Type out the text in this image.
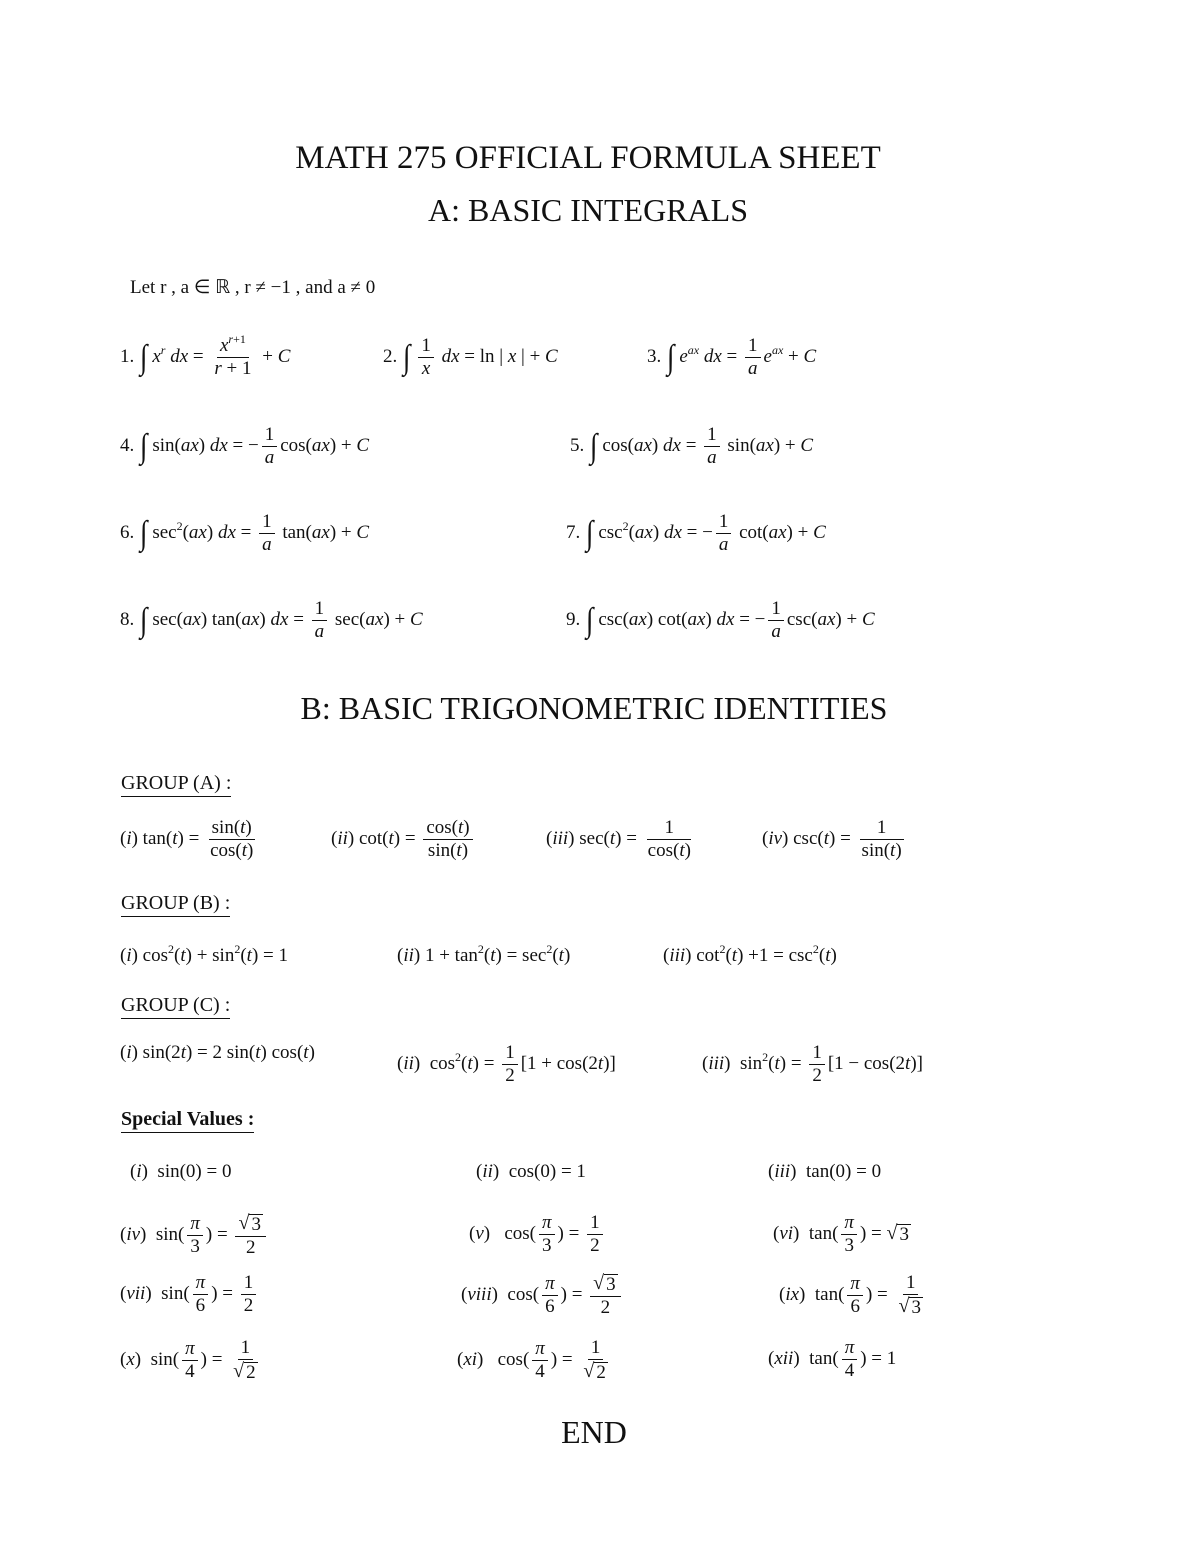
MATH 275 OFFICIAL FORMULA SHEET
A: BASIC INTEGRALS
Let r , a ∈ ℝ , r ≠ −1 , and a ≠ 0
1. ∫ $x^r$ dx = $\frac{x^{r+1}}{r + 1} + C$	2. ∫ $\frac{1}{x}$ dx = ln | x | + C	3. ∫ $e^{ax}$ dx = $\frac{1}{a} e^{ax} + C$
4. ∫ sin(ax) dx = − $\frac{1}{a} \cos(ax) + C$	5. ∫ cos(ax) dx = $\frac{1}{a} \sin(ax) + C$
6. ∫ $\sec^2(ax)$ dx = $\frac{1}{a} \tan(ax) + C$	7. ∫ $\csc^2(ax)$ dx = − $\frac{1}{a} \cot(ax) + C$
8. ∫ sec(ax) tan(ax) dx = $\frac{1}{a} \sec(ax) + C$	9. ∫ csc(ax) cot(ax) dx = − $\frac{1}{a} \csc(ax) + C$
B: BASIC TRIGONOMETRIC IDENTITIES
GROUP (A) :
(i) $\tan(t) = \frac{\sin(t)}{\cos(t)}$	(ii) $\cot(t) = \frac{\cos(t)}{\sin(t)}$	(iii) $\sec(t) = \frac{1}{\cos(t)}$	(iv) $\csc(t) = \frac{1}{\sin(t)}$
GROUP (B) :
(i) $\cos^2(t) + \sin^2(t) = 1$	(ii) $1 + \tan^2(t) = \sec^2(t)$	(iii) $\cot^2(t) +1 = \csc^2(t)$
GROUP (C) :
(i) sin(2t) = 2 sin(t) cos(t)
(ii)  $\cos^2(t) = \frac{1}{2} [1 + \cos(2t)]$	(iii)  $\sin^2(t) = \frac{1}{2} [1 - \cos(2t)]$
Special Values :
(i)  sin(0) = 0	(ii)  cos(0) = 1	(iii)  tan(0) = 0
(iv)  $\sin( \frac{\pi}{3}$ ) = $\frac{√ 3}{2}$	(v)   $\cos( \frac{\pi}{3}$ ) = $\frac{1}{2}$	(vi)  $\tan( \frac{\pi}{3}$ ) = √ 3
(vii)  $\sin( \frac{\pi}{6}$ ) = $\frac{1}{2}$	(viii)  $\cos( \frac{\pi}{6}$ ) = $\frac{√ 3}{2}$	(ix)  $\tan( \frac{\pi}{6}$ ) = $\frac{1}{√ 3}$
(x)  $\sin( \frac{\pi}{4}$ ) = $\frac{1}{√ 2}$	(xi)   $\cos( \frac{\pi}{4}$ ) = $\frac{1}{√ 2}$	(xii)  $\tan( \frac{\pi}{4}$ ) = 1
END
